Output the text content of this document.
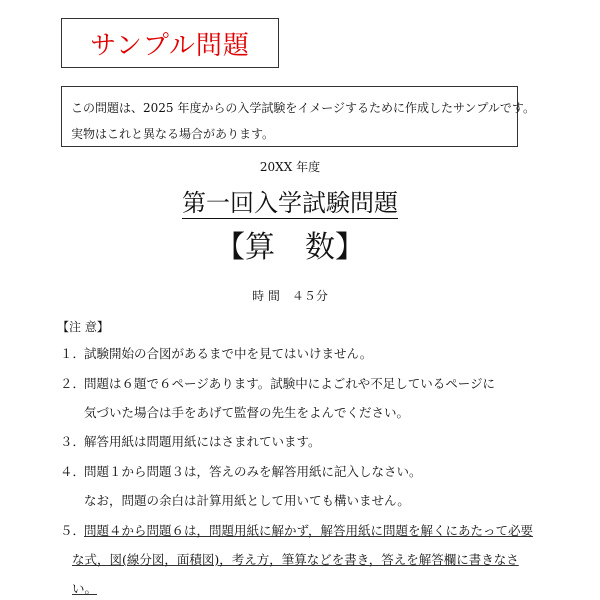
サンプル問題
この問題は、2025 年度からの入学試験をイメージするために作成したサンプルです。
実物はこれと異なる場合があります。
20XX 年度
第一回入学試験問題
【算　数】
時 間　４５分
【注 意】
１．試験開始の合図があるまで中を見てはいけません。
２．問題は６題で６ページあります。試験中によごれや不足しているページに
気づいた場合は手をあげて監督の先生をよんでください。
３．解答用紙は問題用紙にはさまれています。
４．問題１から問題３は，答えのみを解答用紙に記入しなさい。
なお，問題の余白は計算用紙として用いても構いません。
５．問題４から問題６は，問題用紙に解かず，解答用紙に問題を解くにあたって必要
な式，図(線分図，面積図)，考え方，筆算などを書き，答えを解答欄に書きなさ
い。
